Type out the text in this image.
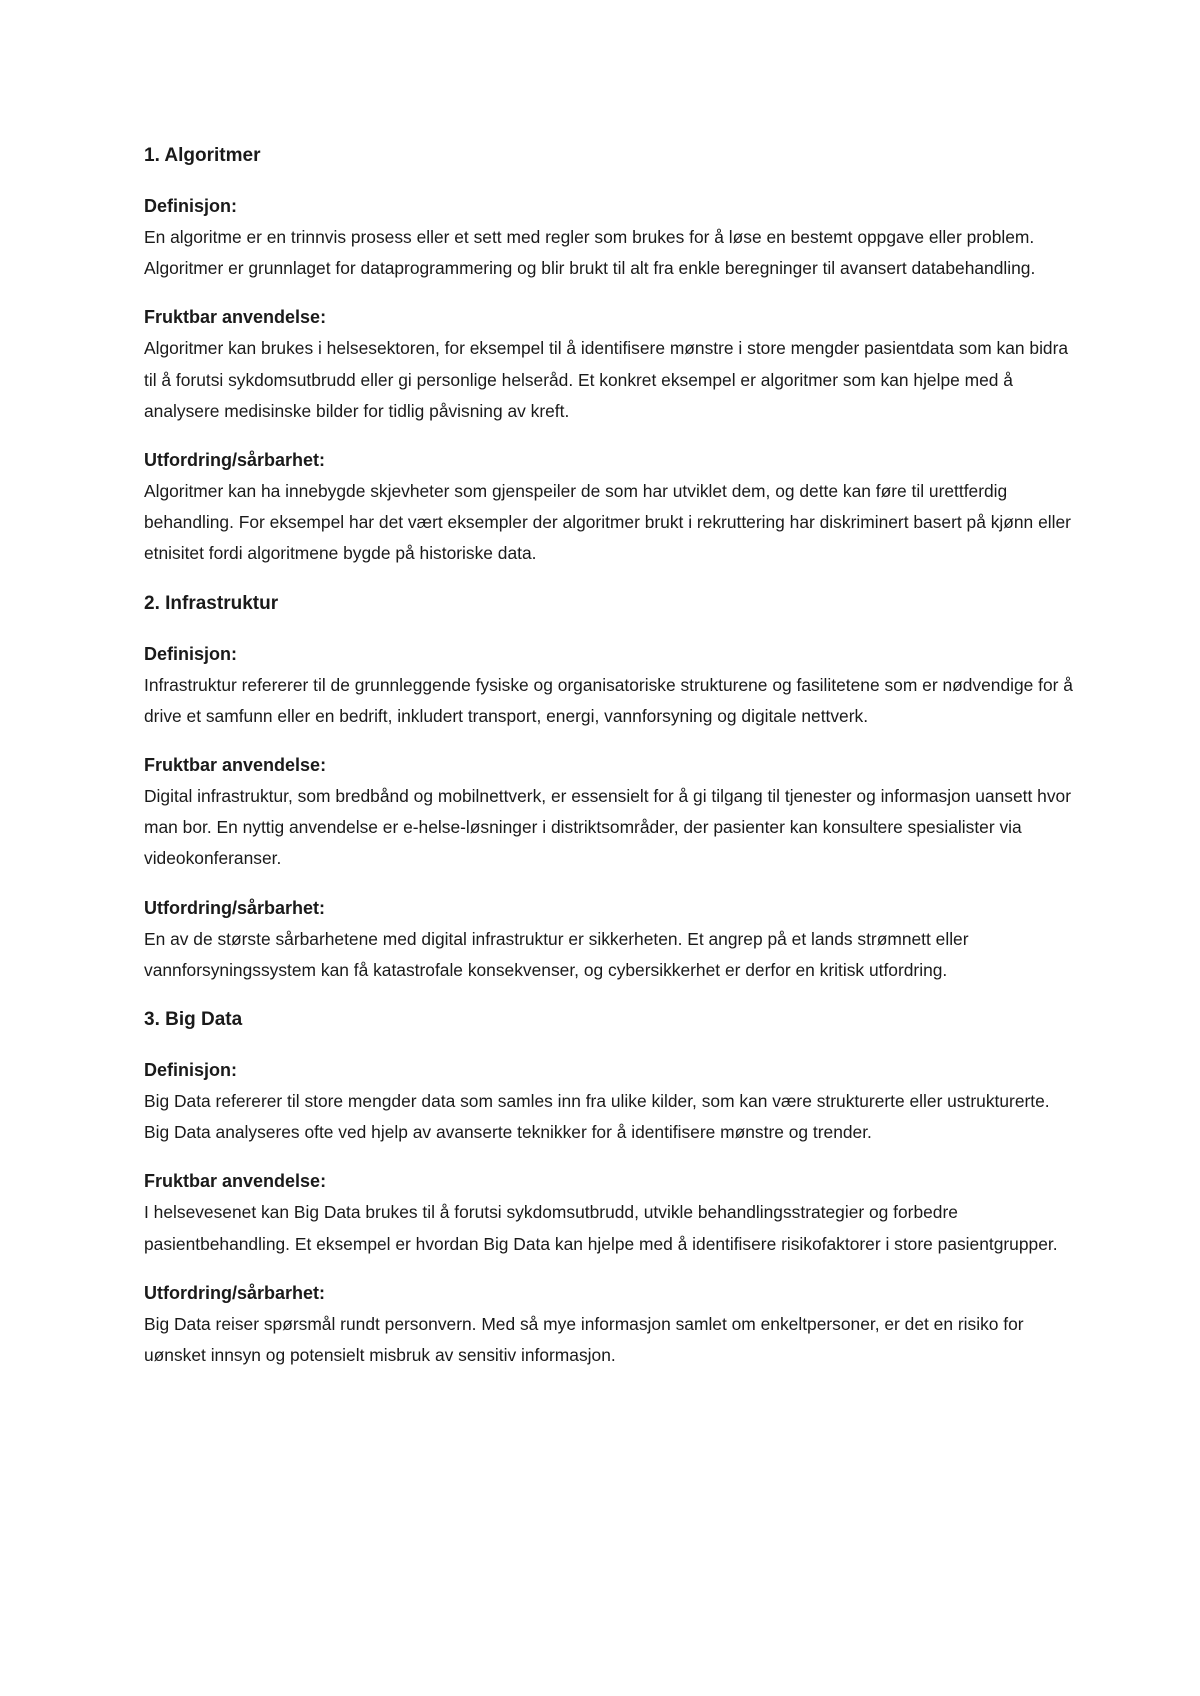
1. Algoritmer

Definisjon:

En algoritme er en trinnvis prosess eller et sett med regler som brukes for å løse en bestemt oppgave eller problem. Algoritmer er grunnlaget for dataprogrammering og blir brukt til alt fra enkle beregninger til avansert databehandling.

Fruktbar anvendelse:

Algoritmer kan brukes i helsesektoren, for eksempel til å identifisere mønstre i store mengder pasientdata som kan bidra til å forutsi sykdomsutbrudd eller gi personlige helseråd. Et konkret eksempel er algoritmer som kan hjelpe med å analysere medisinske bilder for tidlig påvisning av kreft.

Utfordring/sårbarhet:

Algoritmer kan ha innebygde skjevheter som gjenspeiler de som har utviklet dem, og dette kan føre til urettferdig behandling. For eksempel har det vært eksempler der algoritmer brukt i rekruttering har diskriminert basert på kjønn eller etnisitet fordi algoritmene bygde på historiske data.

2. Infrastruktur

Definisjon:

Infrastruktur refererer til de grunnleggende fysiske og organisatoriske strukturene og fasilitetene som er nødvendige for å drive et samfunn eller en bedrift, inkludert transport, energi, vannforsyning og digitale nettverk.

Fruktbar anvendelse:

Digital infrastruktur, som bredbånd og mobilnettverk, er essensielt for å gi tilgang til tjenester og informasjon uansett hvor man bor. En nyttig anvendelse er e-helse-løsninger i distriktsområder, der pasienter kan konsultere spesialister via videokonferanser.

Utfordring/sårbarhet:

En av de største sårbarhetene med digital infrastruktur er sikkerheten. Et angrep på et lands strømnett eller vannforsyningssystem kan få katastrofale konsekvenser, og cybersikkerhet er derfor en kritisk utfordring.

3. Big Data

Definisjon:

Big Data refererer til store mengder data som samles inn fra ulike kilder, som kan være strukturerte eller ustrukturerte. Big Data analyseres ofte ved hjelp av avanserte teknikker for å identifisere mønstre og trender.

Fruktbar anvendelse:

I helsevesenet kan Big Data brukes til å forutsi sykdomsutbrudd, utvikle behandlingsstrategier og forbedre pasientbehandling. Et eksempel er hvordan Big Data kan hjelpe med å identifisere risikofaktorer i store pasientgrupper.

Utfordring/sårbarhet:

Big Data reiser spørsmål rundt personvern. Med så mye informasjon samlet om enkeltpersoner, er det en risiko for uønsket innsyn og potensielt misbruk av sensitiv informasjon.
